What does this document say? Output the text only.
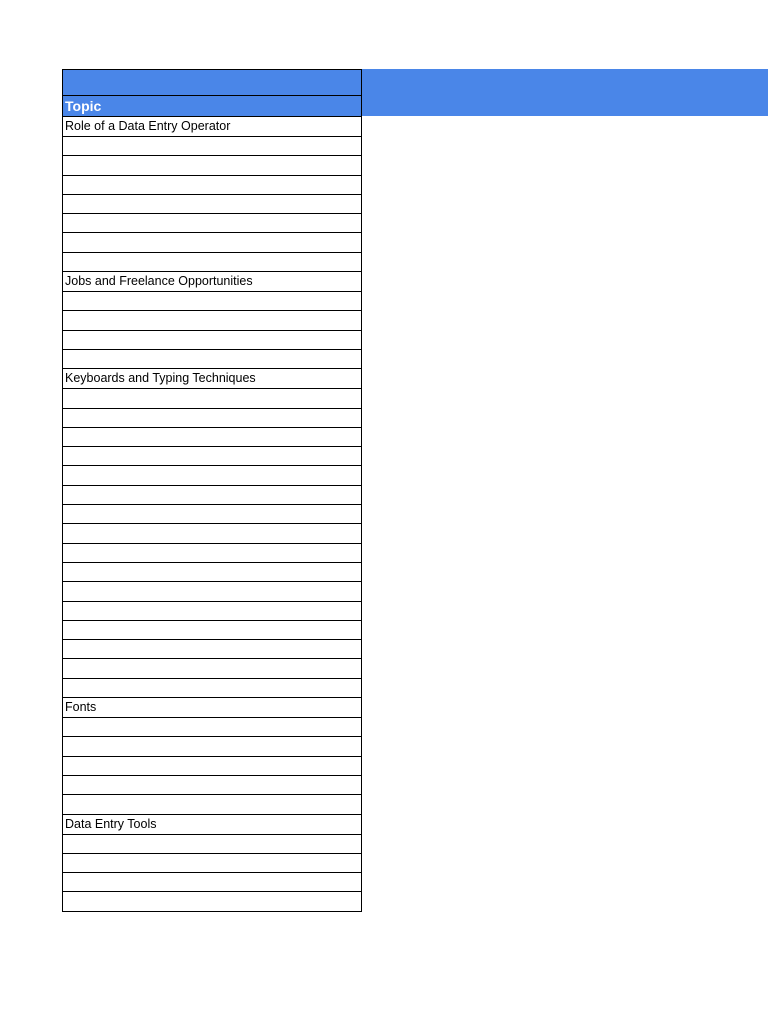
Topic
Role of a Data Entry Operator

Jobs and Freelance Opportunities

Keyboards and Typing Techniques

Fonts

Data Entry Tools
